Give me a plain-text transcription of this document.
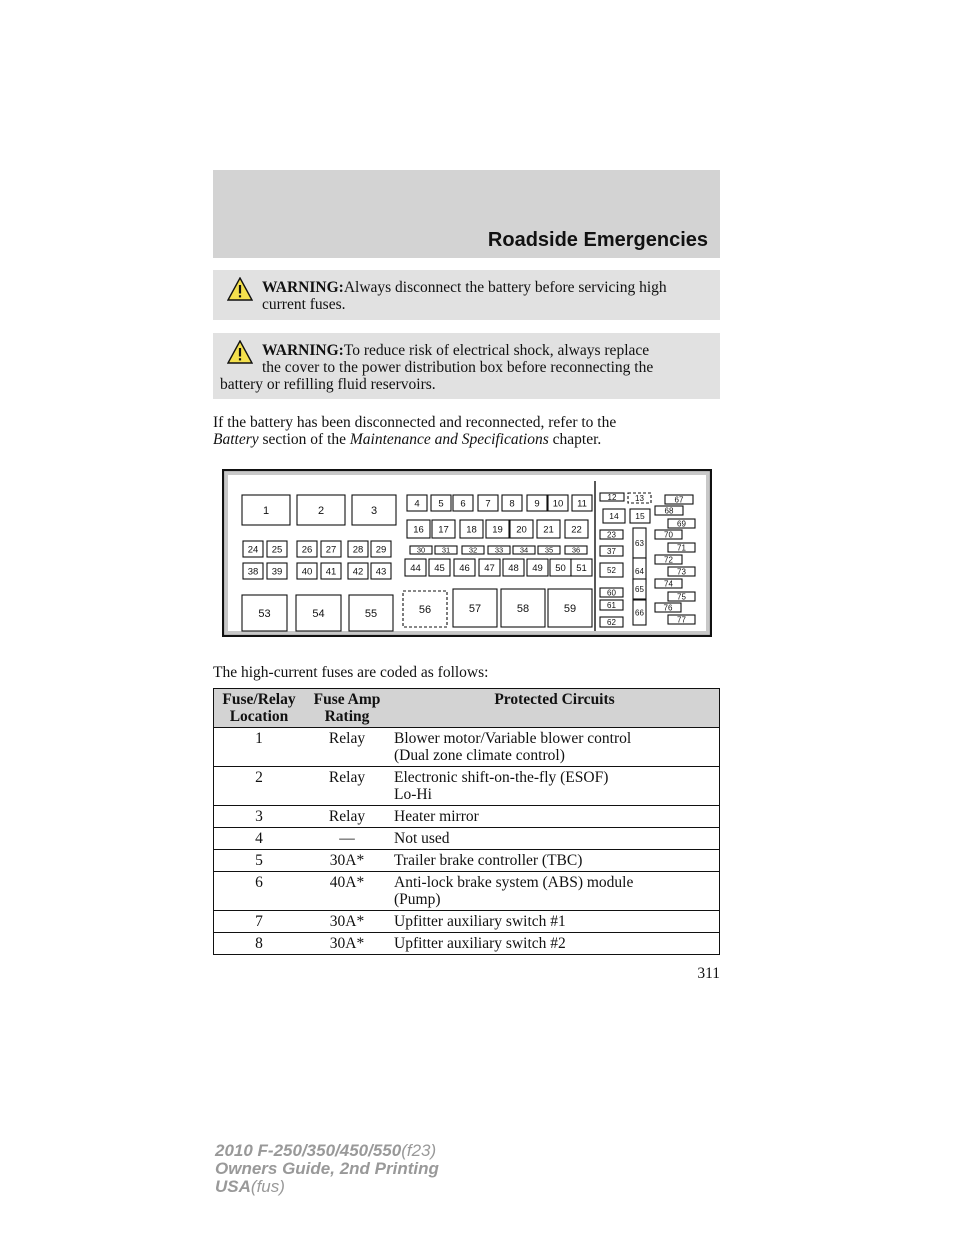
Roadside Emergencies
WARNING:Always disconnect the battery before servicing high
current fuses.
WARNING:To reduce risk of electrical shock, always replace
the cover to the power distribution box before reconnecting the
battery or refilling fluid reservoirs.
If the battery has been disconnected and reconnected, refer to the
Battery section of the Maintenance and Specifications chapter.
1	2	3
4 5 6 7 8 9 10 11
12 13
14 15
16 17 18 19 20 21 22	23
24 25 26 27 28 29	30 31 32 33 34 35 36	37
38 39 40 41 42 43	44 45 46 47 48 49 50 51	52
53	54	55	56	57	58	59
60
61
62
63
64
65
66
67
68
69
70
71
72
73
74
75
76
77
The high-current fuses are coded as follows:
Fuse/Relay
Location	Fuse Amp
Rating	Protected Circuits
1	Relay	Blower motor/Variable blower control
(Dual zone climate control)

2	Relay	Electronic shift-on-the-fly (ESOF)
Lo-Hi

3	Relay	Heater mirror

4	—	Not used

5	30A*	Trailer brake controller (TBC)

6	40A*	Anti-lock brake system (ABS) module
(Pump)

7	30A*	Upfitter auxiliary switch #1

8	30A*	Upfitter auxiliary switch #2
311
2010 F-250/350/450/550(f23)
Owners Guide, 2nd Printing
USA(fus)
